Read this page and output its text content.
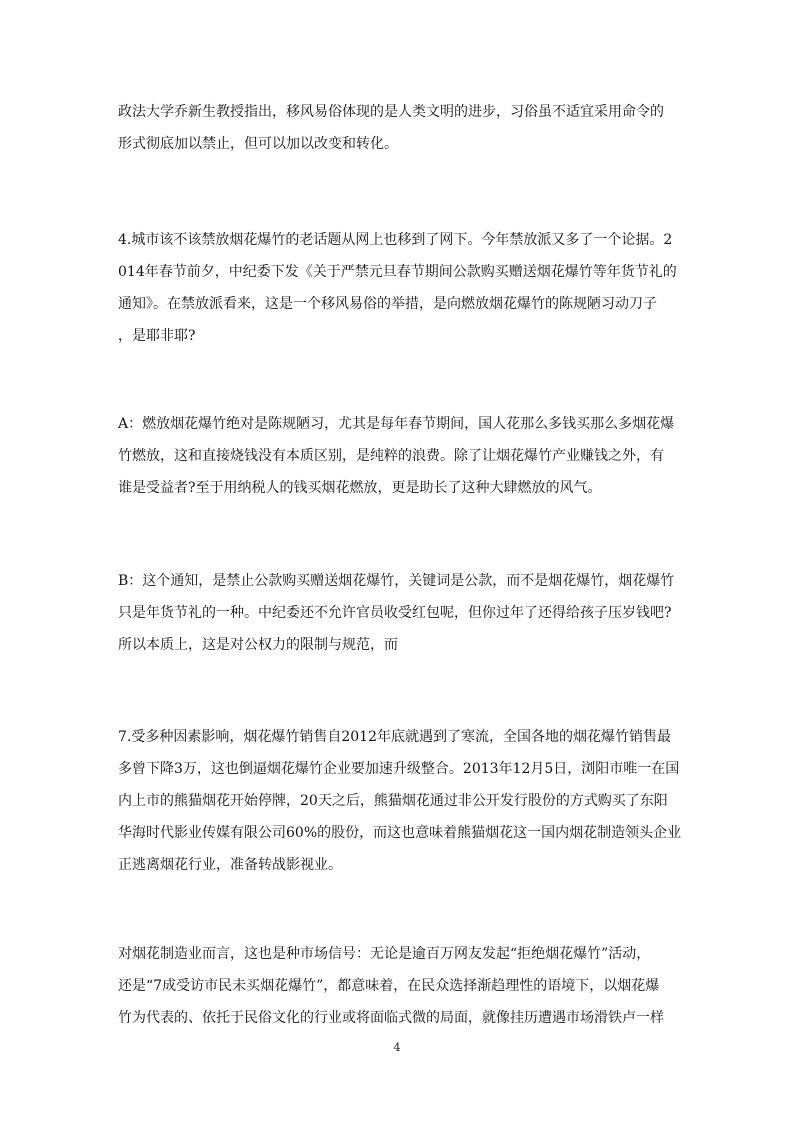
政法大学乔新生教授指出，移风易俗体现的是人类文明的进步，习俗虽不适宜采用命令的
形式彻底加以禁止，但可以加以改变和转化。
4.城市该不该禁放烟花爆竹的老话题从网上也移到了网下。今年禁放派又多了一个论据。2
014年春节前夕，中纪委下发《关于严禁元旦春节期间公款购买赠送烟花爆竹等年货节礼的
通知》。在禁放派看来，这是一个移风易俗的举措，是向燃放烟花爆竹的陈规陋习动刀子
，是耶非耶?
A：燃放烟花爆竹绝对是陈规陋习，尤其是每年春节期间，国人花那么多钱买那么多烟花爆
竹燃放，这和直接烧钱没有本质区别，是纯粹的浪费。除了让烟花爆竹产业赚钱之外，有
谁是受益者?至于用纳税人的钱买烟花燃放，更是助长了这种大肆燃放的风气。
B：这个通知，是禁止公款购买赠送烟花爆竹，关键词是公款，而不是烟花爆竹，烟花爆竹
只是年货节礼的一种。中纪委还不允许官员收受红包呢，但你过年了还得给孩子压岁钱吧?
所以本质上，这是对公权力的限制与规范，而
7.受多种因素影响，烟花爆竹销售自2012年底就遇到了寒流，全国各地的烟花爆竹销售最
多曾下降3万，这也倒逼烟花爆竹企业要加速升级整合。2013年12月5日，浏阳市唯一在国
内上市的熊猫烟花开始停牌，20天之后，熊猫烟花通过非公开发行股份的方式购买了东阳
华海时代影业传媒有限公司60%的股份，而这也意味着熊猫烟花这一国内烟花制造领头企业
正逃离烟花行业，准备转战影视业。
对烟花制造业而言，这也是种市场信号：无论是逾百万网友发起“拒绝烟花爆竹”活动，
还是“7成受访市民未买烟花爆竹”，都意味着，在民众选择渐趋理性的语境下，以烟花爆
竹为代表的、依托于民俗文化的行业或将面临式微的局面，就像挂历遭遇市场滑铁卢一样
4
